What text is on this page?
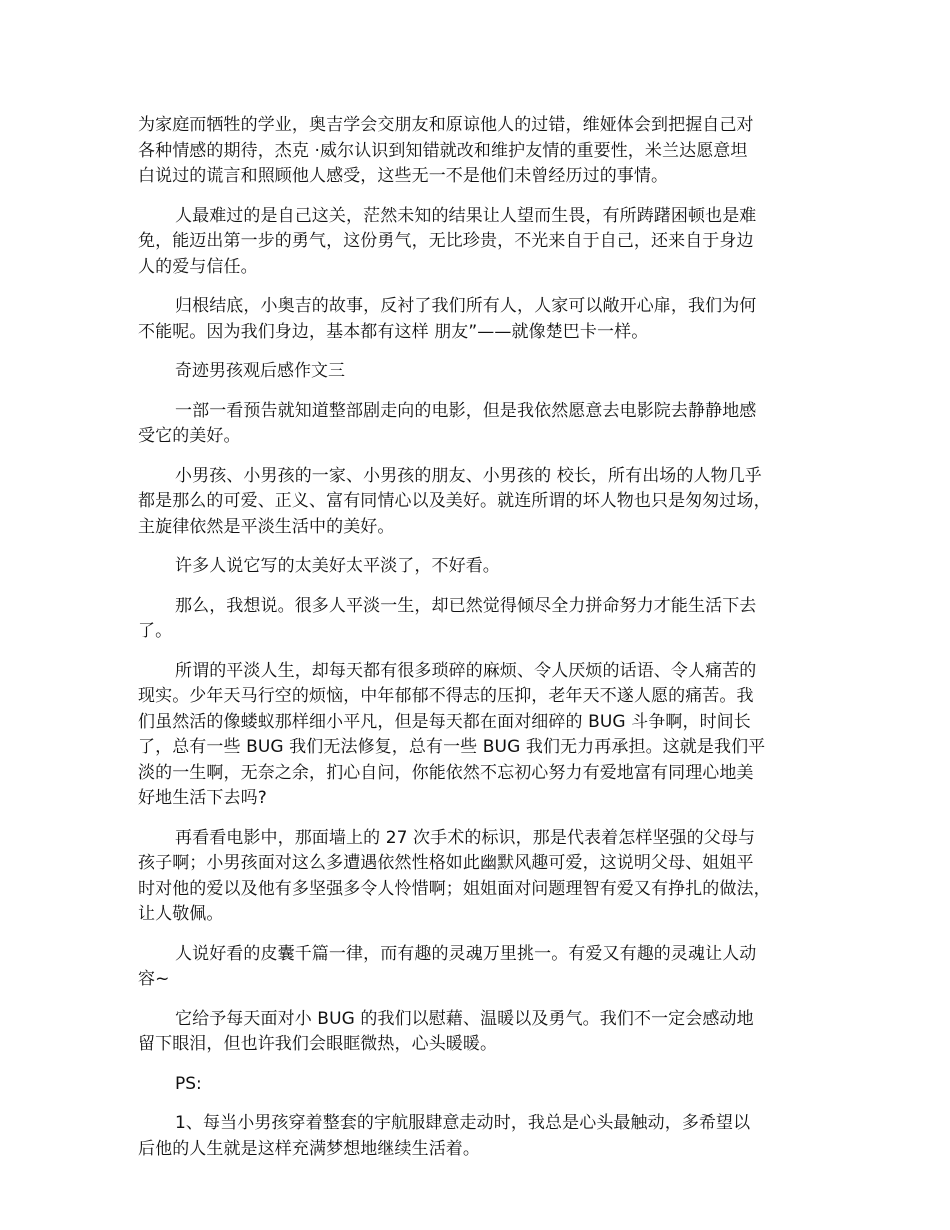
为家庭而牺牲的学业，奥吉学会交朋友和原谅他人的过错，维娅体会到把握自己对
各种情感的期待，杰克 ·威尔认识到知错就改和维护友情的重要性，米兰达愿意坦
白说过的谎言和照顾他人感受，这些无一不是他们未曾经历过的事情。

人最难过的是自己这关，茫然未知的结果让人望而生畏，有所踌躇困顿也是难
免，能迈出第一步的勇气，这份勇气，无比珍贵，不光来自于自己，还来自于身边
人的爱与信任。

归根结底，小奥吉的故事，反衬了我们所有人，人家可以敞开心扉，我们为何
不能呢。因为我们身边，基本都有这样 朋友”——就像楚巴卡一样。

奇迹男孩观后感作文三

一部一看预告就知道整部剧走向的电影，但是我依然愿意去电影院去静静地感
受它的美好。

小男孩、小男孩的一家、小男孩的朋友、小男孩的 校长，所有出场的人物几乎
都是那么的可爱、正义、富有同情心以及美好。就连所谓的坏人物也只是匆匆过场，
主旋律依然是平淡生活中的美好。

许多人说它写的太美好太平淡了，不好看。

那么，我想说。很多人平淡一生，却已然觉得倾尽全力拼命努力才能生活下去
了。

所谓的平淡人生，却每天都有很多琐碎的麻烦、令人厌烦的话语、令人痛苦的
现实。少年天马行空的烦恼，中年郁郁不得志的压抑，老年天不遂人愿的痛苦。我
们虽然活的像蝼蚁那样细小平凡，但是每天都在面对细碎的 BUG 斗争啊，时间长
了，总有一些 BUG 我们无法修复，总有一些 BUG 我们无力再承担。这就是我们平
淡的一生啊，无奈之余，扪心自问，你能依然不忘初心努力有爱地富有同理心地美
好地生活下去吗?

再看看电影中，那面墙上的 27 次手术的标识，那是代表着怎样坚强的父母与
孩子啊；小男孩面对这么多遭遇依然性格如此幽默风趣可爱，这说明父母、姐姐平
时对他的爱以及他有多坚强多令人怜惜啊；姐姐面对问题理智有爱又有挣扎的做法，
让人敬佩。

人说好看的皮囊千篇一律，而有趣的灵魂万里挑一。有爱又有趣的灵魂让人动
容~

它给予每天面对小 BUG 的我们以慰藉、温暖以及勇气。我们不一定会感动地
留下眼泪，但也许我们会眼眶微热，心头暖暖。

PS:

1、每当小男孩穿着整套的宇航服肆意走动时，我总是心头最触动，多希望以
后他的人生就是这样充满梦想地继续生活着。
